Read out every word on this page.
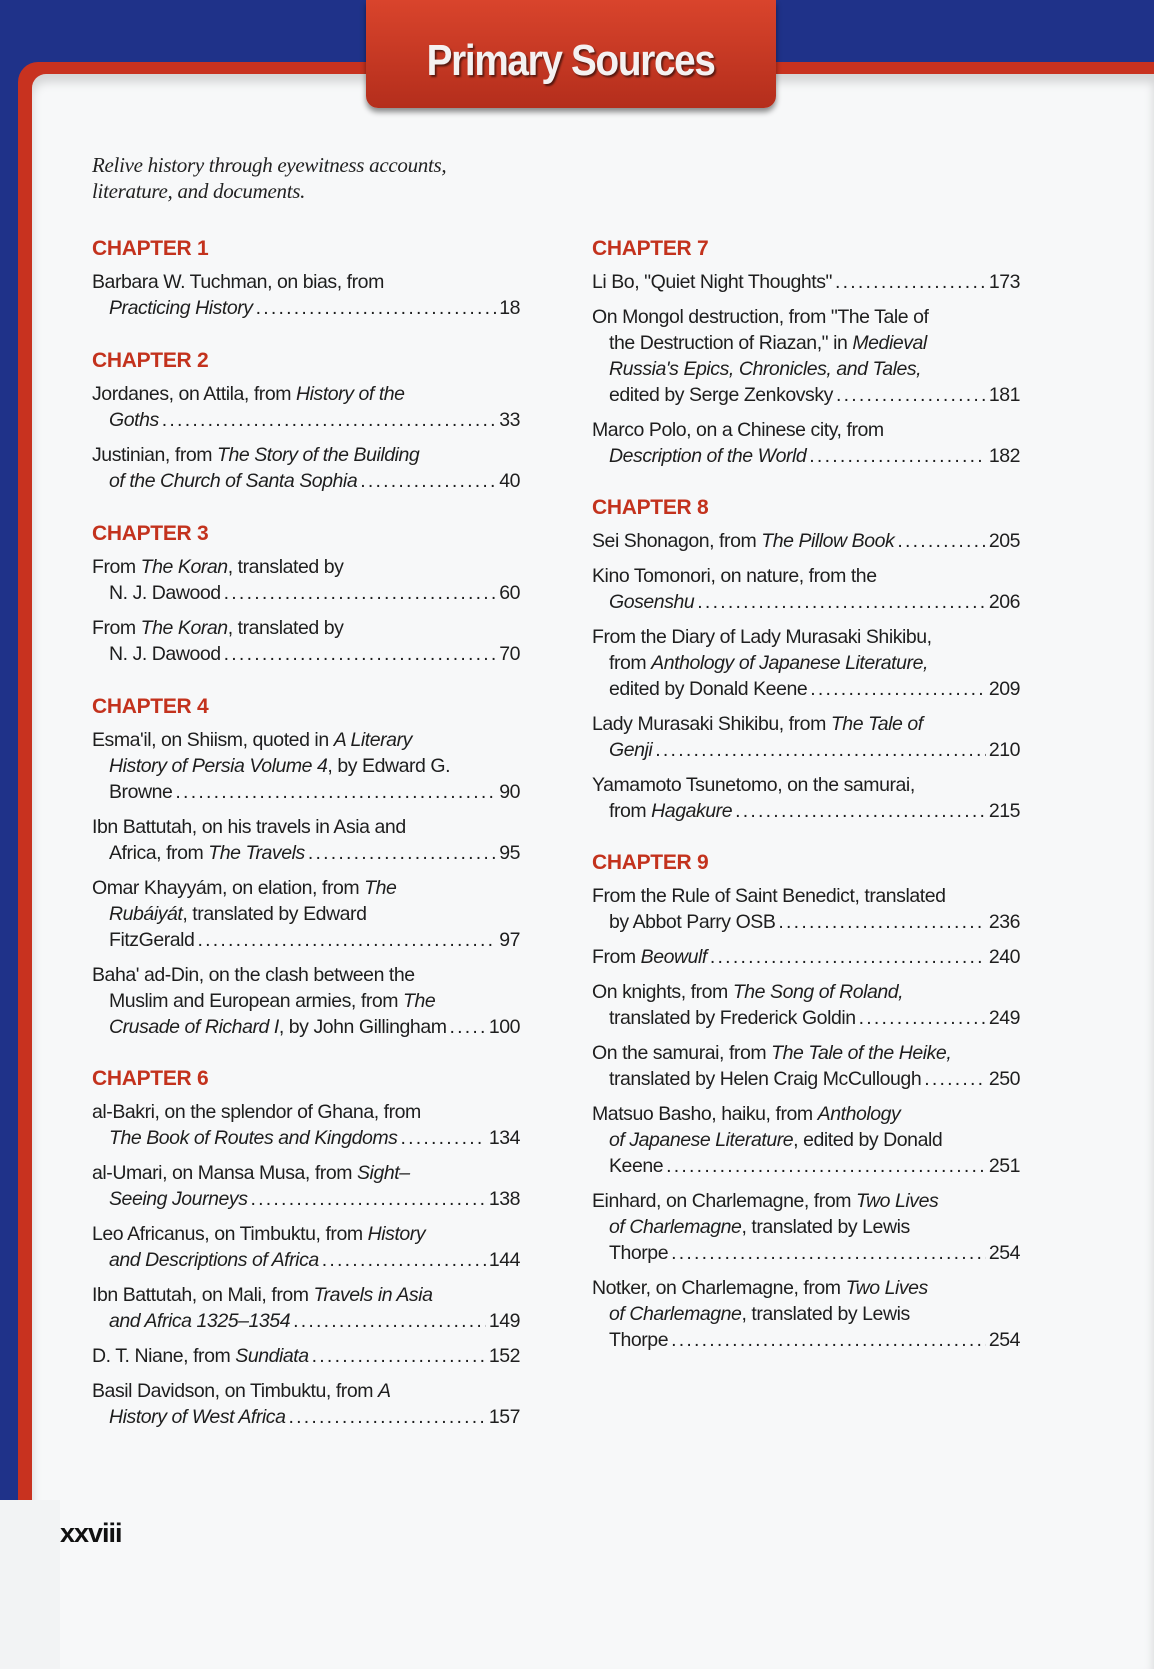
Primary Sources
Relive history through eyewitness accounts,
literature, and documents.
CHAPTER 1
Barbara W. Tuchman, on bias, from
Practicing History . . .	18
CHAPTER 2
Jordanes, on Attila, from History of the
Goths . . .	33
Justinian, from The Story of the Building
of the Church of Santa Sophia . . .	40
CHAPTER 3
From The Koran, translated by
N. J. Dawood . . .	60
From The Koran, translated by
N. J. Dawood . . .	70
CHAPTER 4
Esma'il, on Shiism, quoted in A Literary
History of Persia Volume 4, by Edward G.
Browne . . .	90
Ibn Battutah, on his travels in Asia and
Africa, from The Travels . . .	95
Omar Khayyám, on elation, from The
Rubáiyát, translated by Edward
FitzGerald . . .	97
Baha' ad-Din, on the clash between the
Muslim and European armies, from The
Crusade of Richard I, by John Gillingham . . . 100
CHAPTER 6
al-Bakri, on the splendor of Ghana, from
The Book of Routes and Kingdoms . . .	134
al-Umari, on Mansa Musa, from Sight–
Seeing Journeys . . .	138
Leo Africanus, on Timbuktu, from History
and Descriptions of Africa . . .	144
Ibn Battutah, on Mali, from Travels in Asia
and Africa 1325–1354 . . .	149
D. T. Niane, from Sundiata . . .	152
Basil Davidson, on Timbuktu, from A
History of West Africa . . .	157
CHAPTER 7
Li Bo, "Quiet Night Thoughts" . . .	173
On Mongol destruction, from "The Tale of
the Destruction of Riazan," in Medieval
Russia's Epics, Chronicles, and Tales,
edited by Serge Zenkovsky . . .	181
Marco Polo, on a Chinese city, from
Description of the World . . .	182
CHAPTER 8
Sei Shonagon, from The Pillow Book . . .	205
Kino Tomonori, on nature, from the
Gosenshu . . .	206
From the Diary of Lady Murasaki Shikibu,
from Anthology of Japanese Literature,
edited by Donald Keene . . .	209
Lady Murasaki Shikibu, from The Tale of
Genji . . .	210
Yamamoto Tsunetomo, on the samurai,
from Hagakure . . .	215
CHAPTER 9
From the Rule of Saint Benedict, translated
by Abbot Parry OSB . . .	236
From Beowulf . . .	240
On knights, from The Song of Roland,
translated by Frederick Goldin . . .	249
On the samurai, from The Tale of the Heike,
translated by Helen Craig McCullough . . .	250
Matsuo Basho, haiku, from Anthology
of Japanese Literature, edited by Donald
Keene . . .	251
Einhard, on Charlemagne, from Two Lives
of Charlemagne, translated by Lewis
Thorpe . . .	254
Notker, on Charlemagne, from Two Lives
of Charlemagne, translated by Lewis
Thorpe . . .	254
xxviii
